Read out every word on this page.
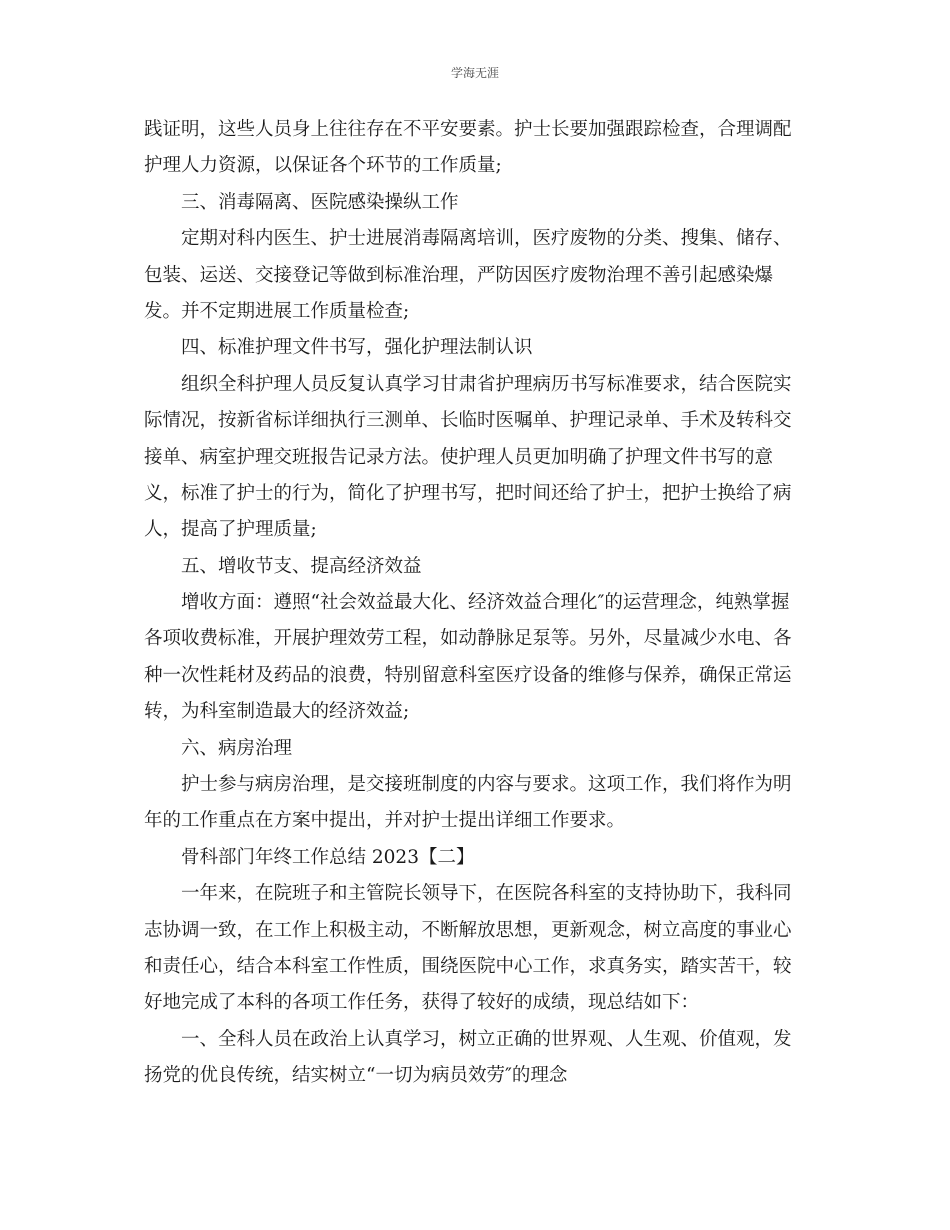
学海无涯
践证明，这些人员身上往往存在不平安要素。护士长要加强跟踪检查，合理调配
护理人力资源，以保证各个环节的工作质量;
三、消毒隔离、医院感染操纵工作
定期对科内医生、护士进展消毒隔离培训，医疗废物的分类、搜集、储存、
包装、运送、交接登记等做到标准治理，严防因医疗废物治理不善引起感染爆
发。并不定期进展工作质量检查;
四、标准护理文件书写，强化护理法制认识
组织全科护理人员反复认真学习甘肃省护理病历书写标准要求，结合医院实
际情况，按新省标详细执行三测单、长临时医嘱单、护理记录单、手术及转科交
接单、病室护理交班报告记录方法。使护理人员更加明确了护理文件书写的意
义，标准了护士的行为，简化了护理书写，把时间还给了护士，把护士换给了病
人，提高了护理质量;
五、增收节支、提高经济效益
增收方面：遵照“社会效益最大化、经济效益合理化″的运营理念，纯熟掌握
各项收费标准，开展护理效劳工程，如动静脉足泵等。另外，尽量减少水电、各
种一次性耗材及药品的浪费，特别留意科室医疗设备的维修与保养，确保正常运
转，为科室制造最大的经济效益;
六、病房治理
护士参与病房治理，是交接班制度的内容与要求。这项工作，我们将作为明
年的工作重点在方案中提出，并对护士提出详细工作要求。
骨科部门年终工作总结 2023【二】
一年来，在院班子和主管院长领导下，在医院各科室的支持协助下，我科同
志协调一致，在工作上积极主动，不断解放思想，更新观念，树立高度的事业心
和责任心，结合本科室工作性质，围绕医院中心工作，求真务实，踏实苦干，较
好地完成了本科的各项工作任务，获得了较好的成绩，现总结如下：
一、全科人员在政治上认真学习，树立正确的世界观、人生观、价值观，发
扬党的优良传统，结实树立“一切为病员效劳″的理念
